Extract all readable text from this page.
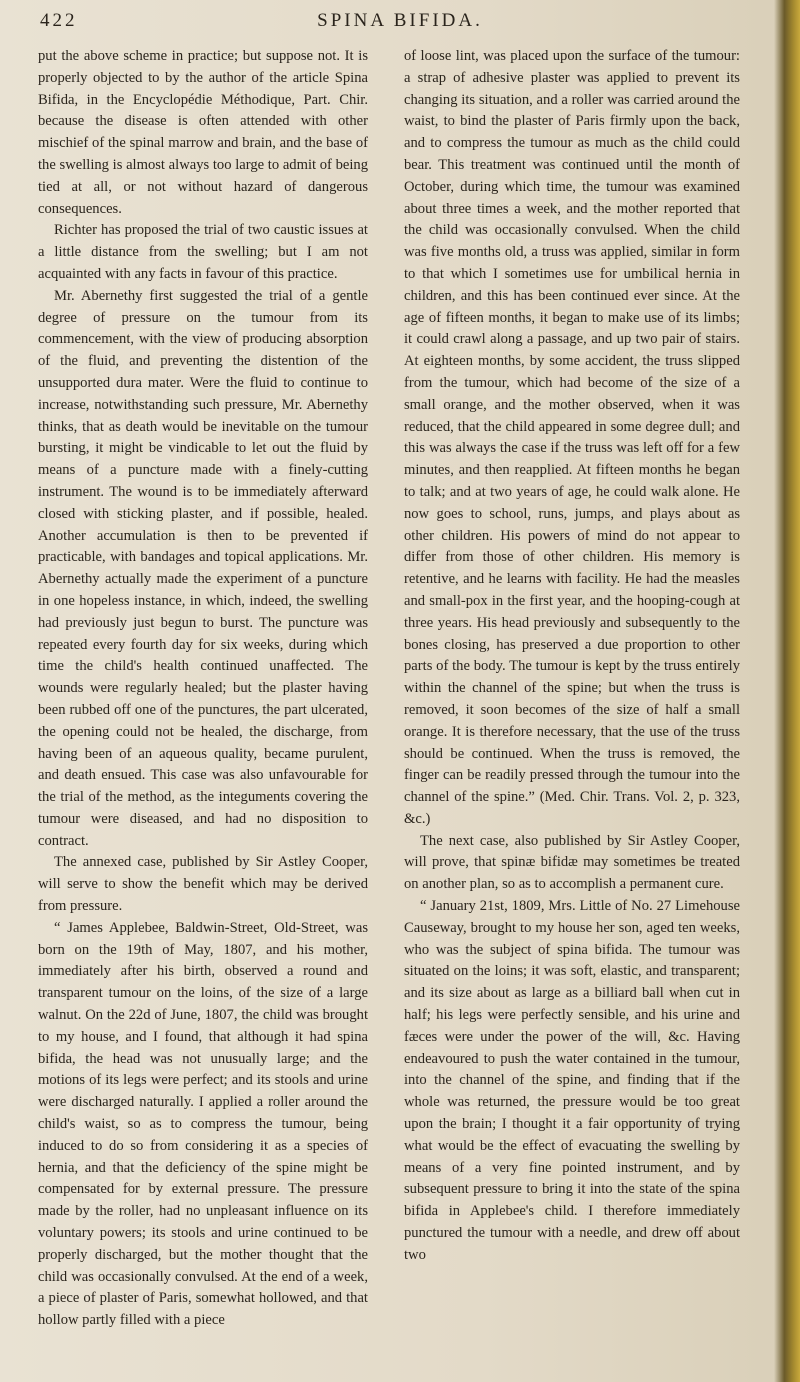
422	SPINA BIFIDA.

put the above scheme in practice; but suppose not. It is properly objected to by the author of the article Spina Bifida, in the Encyclopédie Méthodique, Part. Chir. because the disease is often attended with other mischief of the spinal marrow and brain, and the base of the swelling is almost always too large to admit of being tied at all, or not without hazard of dangerous consequences.

Richter has proposed the trial of two caustic issues at a little distance from the swelling; but I am not acquainted with any facts in favour of this practice.

Mr. Abernethy first suggested the trial of a gentle degree of pressure on the tumour from its commencement, with the view of producing absorption of the fluid, and preventing the distention of the unsupported dura mater. Were the fluid to continue to increase, notwithstanding such pressure, Mr. Abernethy thinks, that as death would be inevitable on the tumour bursting, it might be vindicable to let out the fluid by means of a puncture made with a finely-cutting instrument. The wound is to be immediately afterward closed with sticking plaster, and if possible, healed. Another accumulation is then to be prevented if practicable, with bandages and topical applications. Mr. Abernethy actually made the experiment of a puncture in one hopeless instance, in which, indeed, the swelling had previously just begun to burst. The puncture was repeated every fourth day for six weeks, during which time the child's health continued unaffected. The wounds were regularly healed; but the plaster having been rubbed off one of the punctures, the part ulcerated, the opening could not be healed, the discharge, from having been of an aqueous quality, became purulent, and death ensued. This case was also unfavourable for the trial of the method, as the integuments covering the tumour were diseased, and had no disposition to contract.

The annexed case, published by Sir Astley Cooper, will serve to show the benefit which may be derived from pressure.

“ James Applebee, Baldwin-Street, Old-Street, was born on the 19th of May, 1807, and his mother, immediately after his birth, observed a round and transparent tumour on the loins, of the size of a large walnut. On the 22d of June, 1807, the child was brought to my house, and I found, that although it had spina bifida, the head was not unusually large; and the motions of its legs were perfect; and its stools and urine were discharged naturally. I applied a roller around the child's waist, so as to compress the tumour, being induced to do so from considering it as a species of hernia, and that the deficiency of the spine might be compensated for by external pressure. The pressure made by the roller, had no unpleasant influence on its voluntary powers; its stools and urine continued to be properly discharged, but the mother thought that the child was occasionally convulsed. At the end of a week, a piece of plaster of Paris, somewhat hollowed, and that hollow partly filled with a piece

of loose lint, was placed upon the surface of the tumour: a strap of adhesive plaster was applied to prevent its changing its situation, and a roller was carried around the waist, to bind the plaster of Paris firmly upon the back, and to compress the tumour as much as the child could bear. This treatment was continued until the month of October, during which time, the tumour was examined about three times a week, and the mother reported that the child was occasionally convulsed. When the child was five months old, a truss was applied, similar in form to that which I sometimes use for umbilical hernia in children, and this has been continued ever since. At the age of fifteen months, it began to make use of its limbs; it could crawl along a passage, and up two pair of stairs. At eighteen months, by some accident, the truss slipped from the tumour, which had become of the size of a small orange, and the mother observed, when it was reduced, that the child appeared in some degree dull; and this was always the case if the truss was left off for a few minutes, and then reapplied. At fifteen months he began to talk; and at two years of age, he could walk alone. He now goes to school, runs, jumps, and plays about as other children. His powers of mind do not appear to differ from those of other children. His memory is retentive, and he learns with facility. He had the measles and small-pox in the first year, and the hooping-cough at three years. His head previously and subsequently to the bones closing, has preserved a due proportion to other parts of the body. The tumour is kept by the truss entirely within the channel of the spine; but when the truss is removed, it soon becomes of the size of half a small orange. It is therefore necessary, that the use of the truss should be continued. When the truss is removed, the finger can be readily pressed through the tumour into the channel of the spine.” (Med. Chir. Trans. Vol. 2, p. 323, &c.)

The next case, also published by Sir Astley Cooper, will prove, that spinæ bifidæ may sometimes be treated on another plan, so as to accomplish a permanent cure.

“ January 21st, 1809, Mrs. Little of No. 27 Limehouse Causeway, brought to my house her son, aged ten weeks, who was the subject of spina bifida. The tumour was situated on the loins; it was soft, elastic, and transparent; and its size about as large as a billiard ball when cut in half; his legs were perfectly sensible, and his urine and fæces were under the power of the will, &c. Having endeavoured to push the water contained in the tumour, into the channel of the spine, and finding that if the whole was returned, the pressure would be too great upon the brain; I thought it a fair opportunity of trying what would be the effect of evacuating the swelling by means of a very fine pointed instrument, and by subsequent pressure to bring it into the state of the spina bifida in Applebee's child. I therefore immediately punctured the tumour with a needle, and drew off about two
